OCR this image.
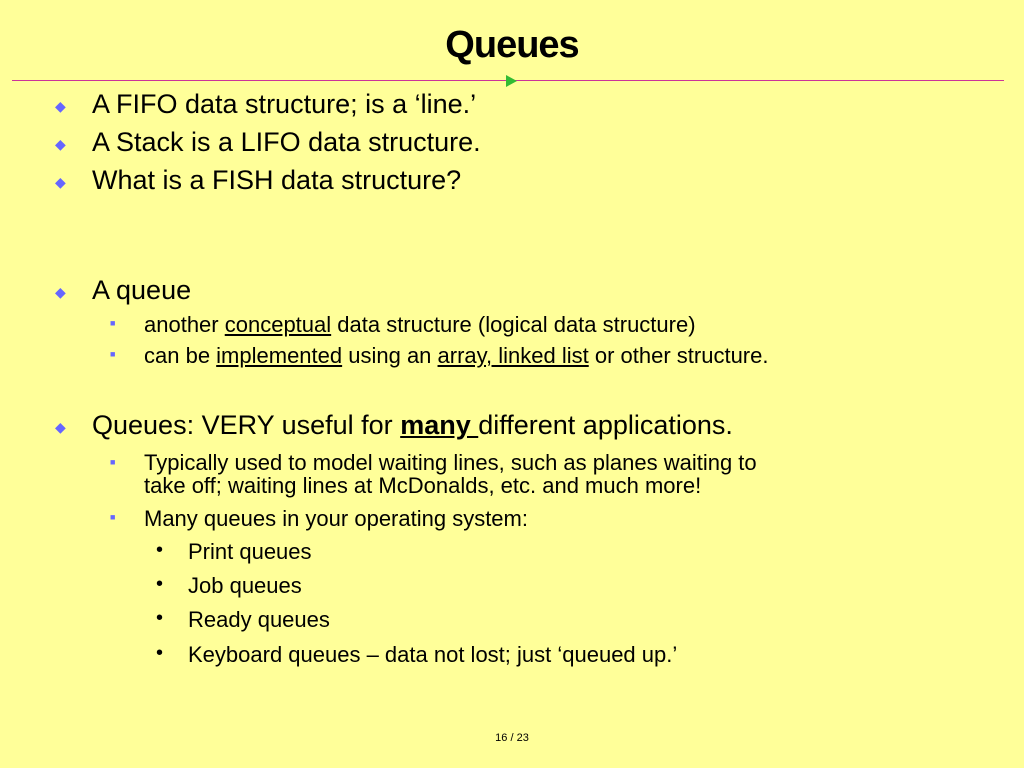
Queues
◆ A FIFO data structure; is a ‘line.’
◆ A Stack is a LIFO data structure.
◆ What is a FISH data structure?
◆ A queue
■ another conceptual data structure (logical data structure)
■ can be implemented using an array, linked list or other structure.
◆ Queues: VERY useful for many different applications.
■ Typically used to model waiting lines, such as planes waiting to
take off; waiting lines at McDonalds, etc. and much more!
■ Many queues in your operating system:
• Print queues
• Job queues
• Ready queues
• Keyboard queues – data not lost; just ‘queued up.’
16 / 23
